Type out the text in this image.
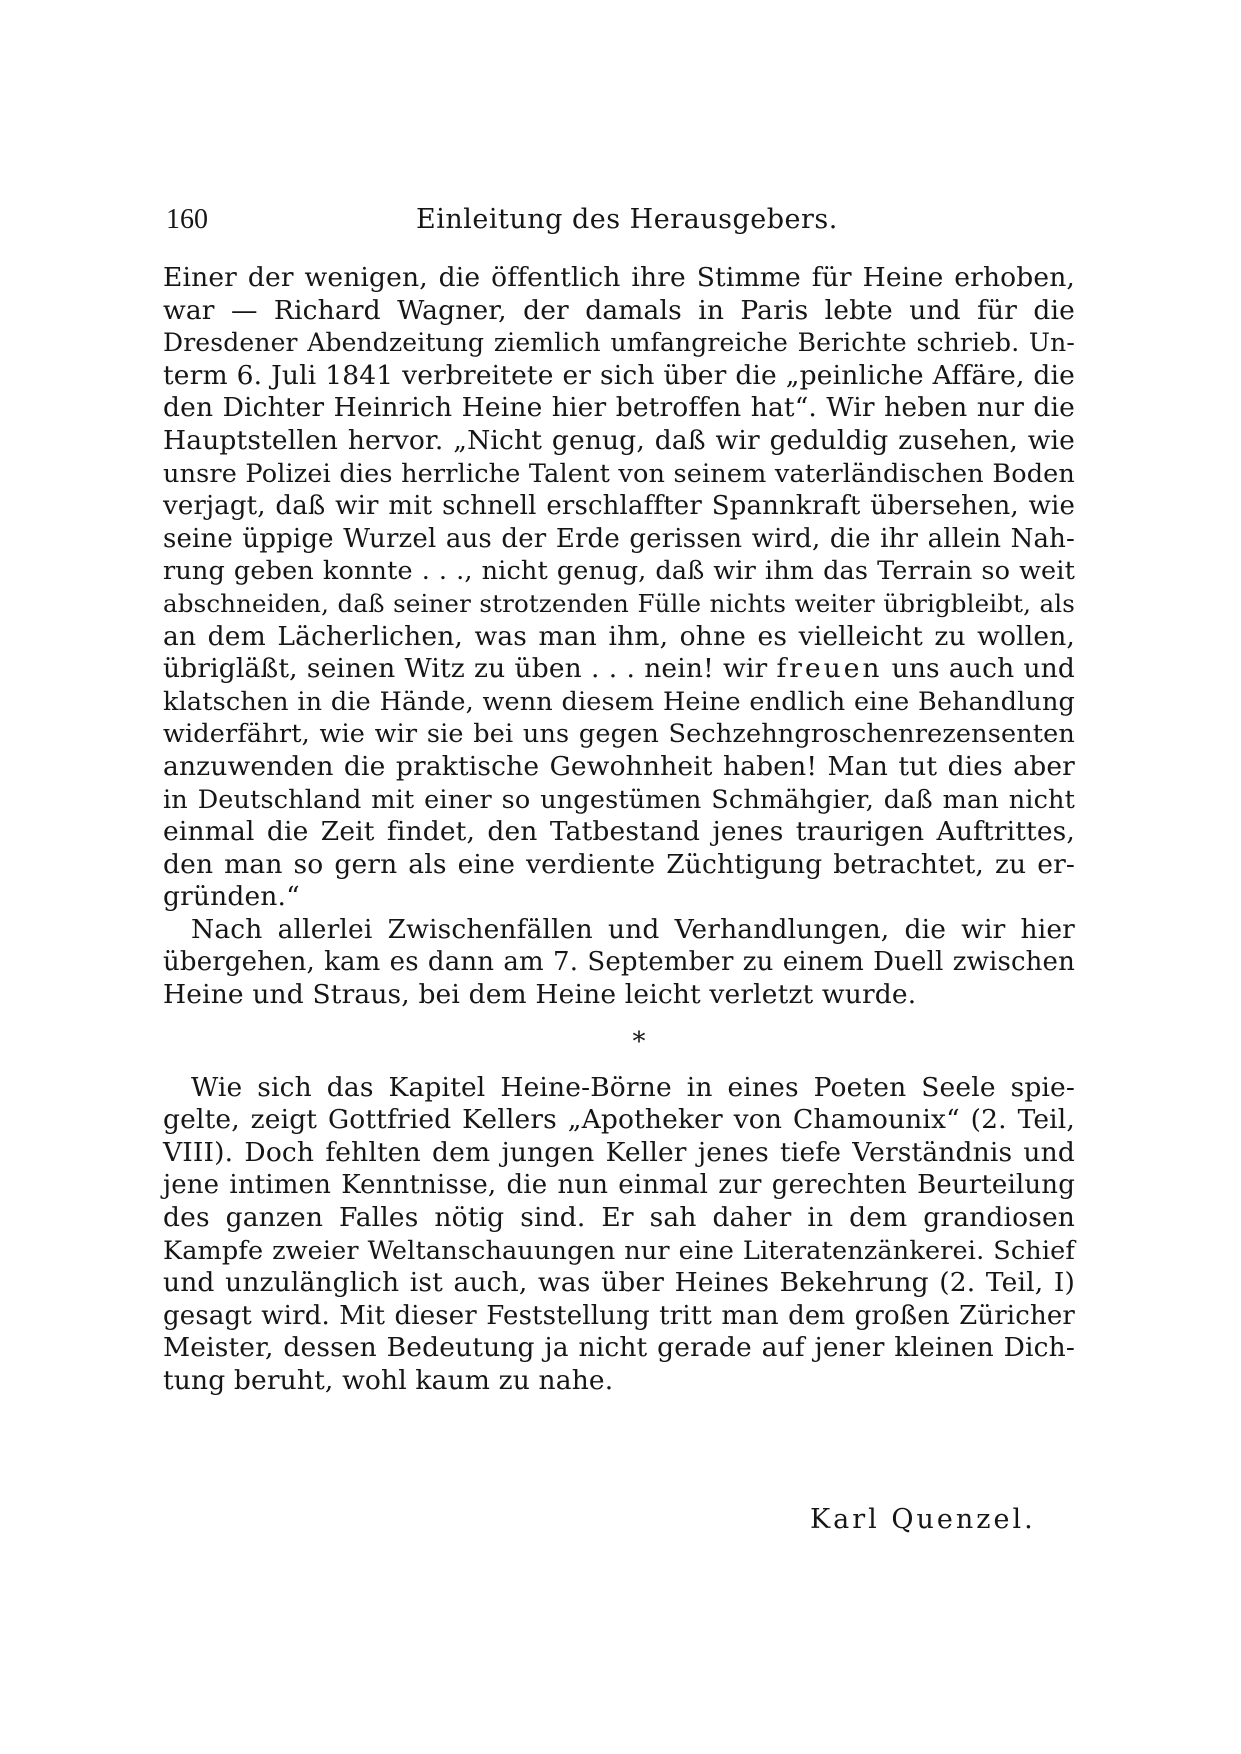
160	Einleitung des Herausgebers.
Einer der wenigen, die öffentlich ihre Stimme für Heine erhoben,
war — Richard Wagner, der damals in Paris lebte und für die
Dresdener Abendzeitung ziemlich umfangreiche Berichte schrieb. Un-
term 6. Juli 1841 verbreitete er sich über die „peinliche Affäre, die
den Dichter Heinrich Heine hier betroffen hat“. Wir heben nur die
Hauptstellen hervor. „Nicht genug, daß wir geduldig zusehen, wie
unsre Polizei dies herrliche Talent von seinem vaterländischen Boden
verjagt, daß wir mit schnell erschlaffter Spannkraft übersehen, wie
seine üppige Wurzel aus der Erde gerissen wird, die ihr allein Nah-
rung geben konnte . . ., nicht genug, daß wir ihm das Terrain so weit
abschneiden, daß seiner strotzenden Fülle nichts weiter übrigbleibt, als
an dem Lächerlichen, was man ihm, ohne es vielleicht zu wollen,
übrigläßt, seinen Witz zu üben . . . nein! wir freuen uns auch und
klatschen in die Hände, wenn diesem Heine endlich eine Behandlung
widerfährt, wie wir sie bei uns gegen Sechzehngroschenrezensenten
anzuwenden die praktische Gewohnheit haben! Man tut dies aber
in Deutschland mit einer so ungestümen Schmähgier, daß man nicht
einmal die Zeit findet, den Tatbestand jenes traurigen Auftrittes,
den man so gern als eine verdiente Züchtigung betrachtet, zu er-
gründen.“
Nach allerlei Zwischenfällen und Verhandlungen, die wir hier
übergehen, kam es dann am 7. September zu einem Duell zwischen
Heine und Straus, bei dem Heine leicht verletzt wurde.
*
Wie sich das Kapitel Heine-Börne in eines Poeten Seele spie-
gelte, zeigt Gottfried Kellers „Apotheker von Chamounix“ (2. Teil,
VIII). Doch fehlten dem jungen Keller jenes tiefe Verständnis und
jene intimen Kenntnisse, die nun einmal zur gerechten Beurteilung
des ganzen Falles nötig sind. Er sah daher in dem grandiosen
Kampfe zweier Weltanschauungen nur eine Literatenzänkerei. Schief
und unzulänglich ist auch, was über Heines Bekehrung (2. Teil, I)
gesagt wird. Mit dieser Feststellung tritt man dem großen Züricher
Meister, dessen Bedeutung ja nicht gerade auf jener kleinen Dich-
tung beruht, wohl kaum zu nahe.
Karl Quenzel.
